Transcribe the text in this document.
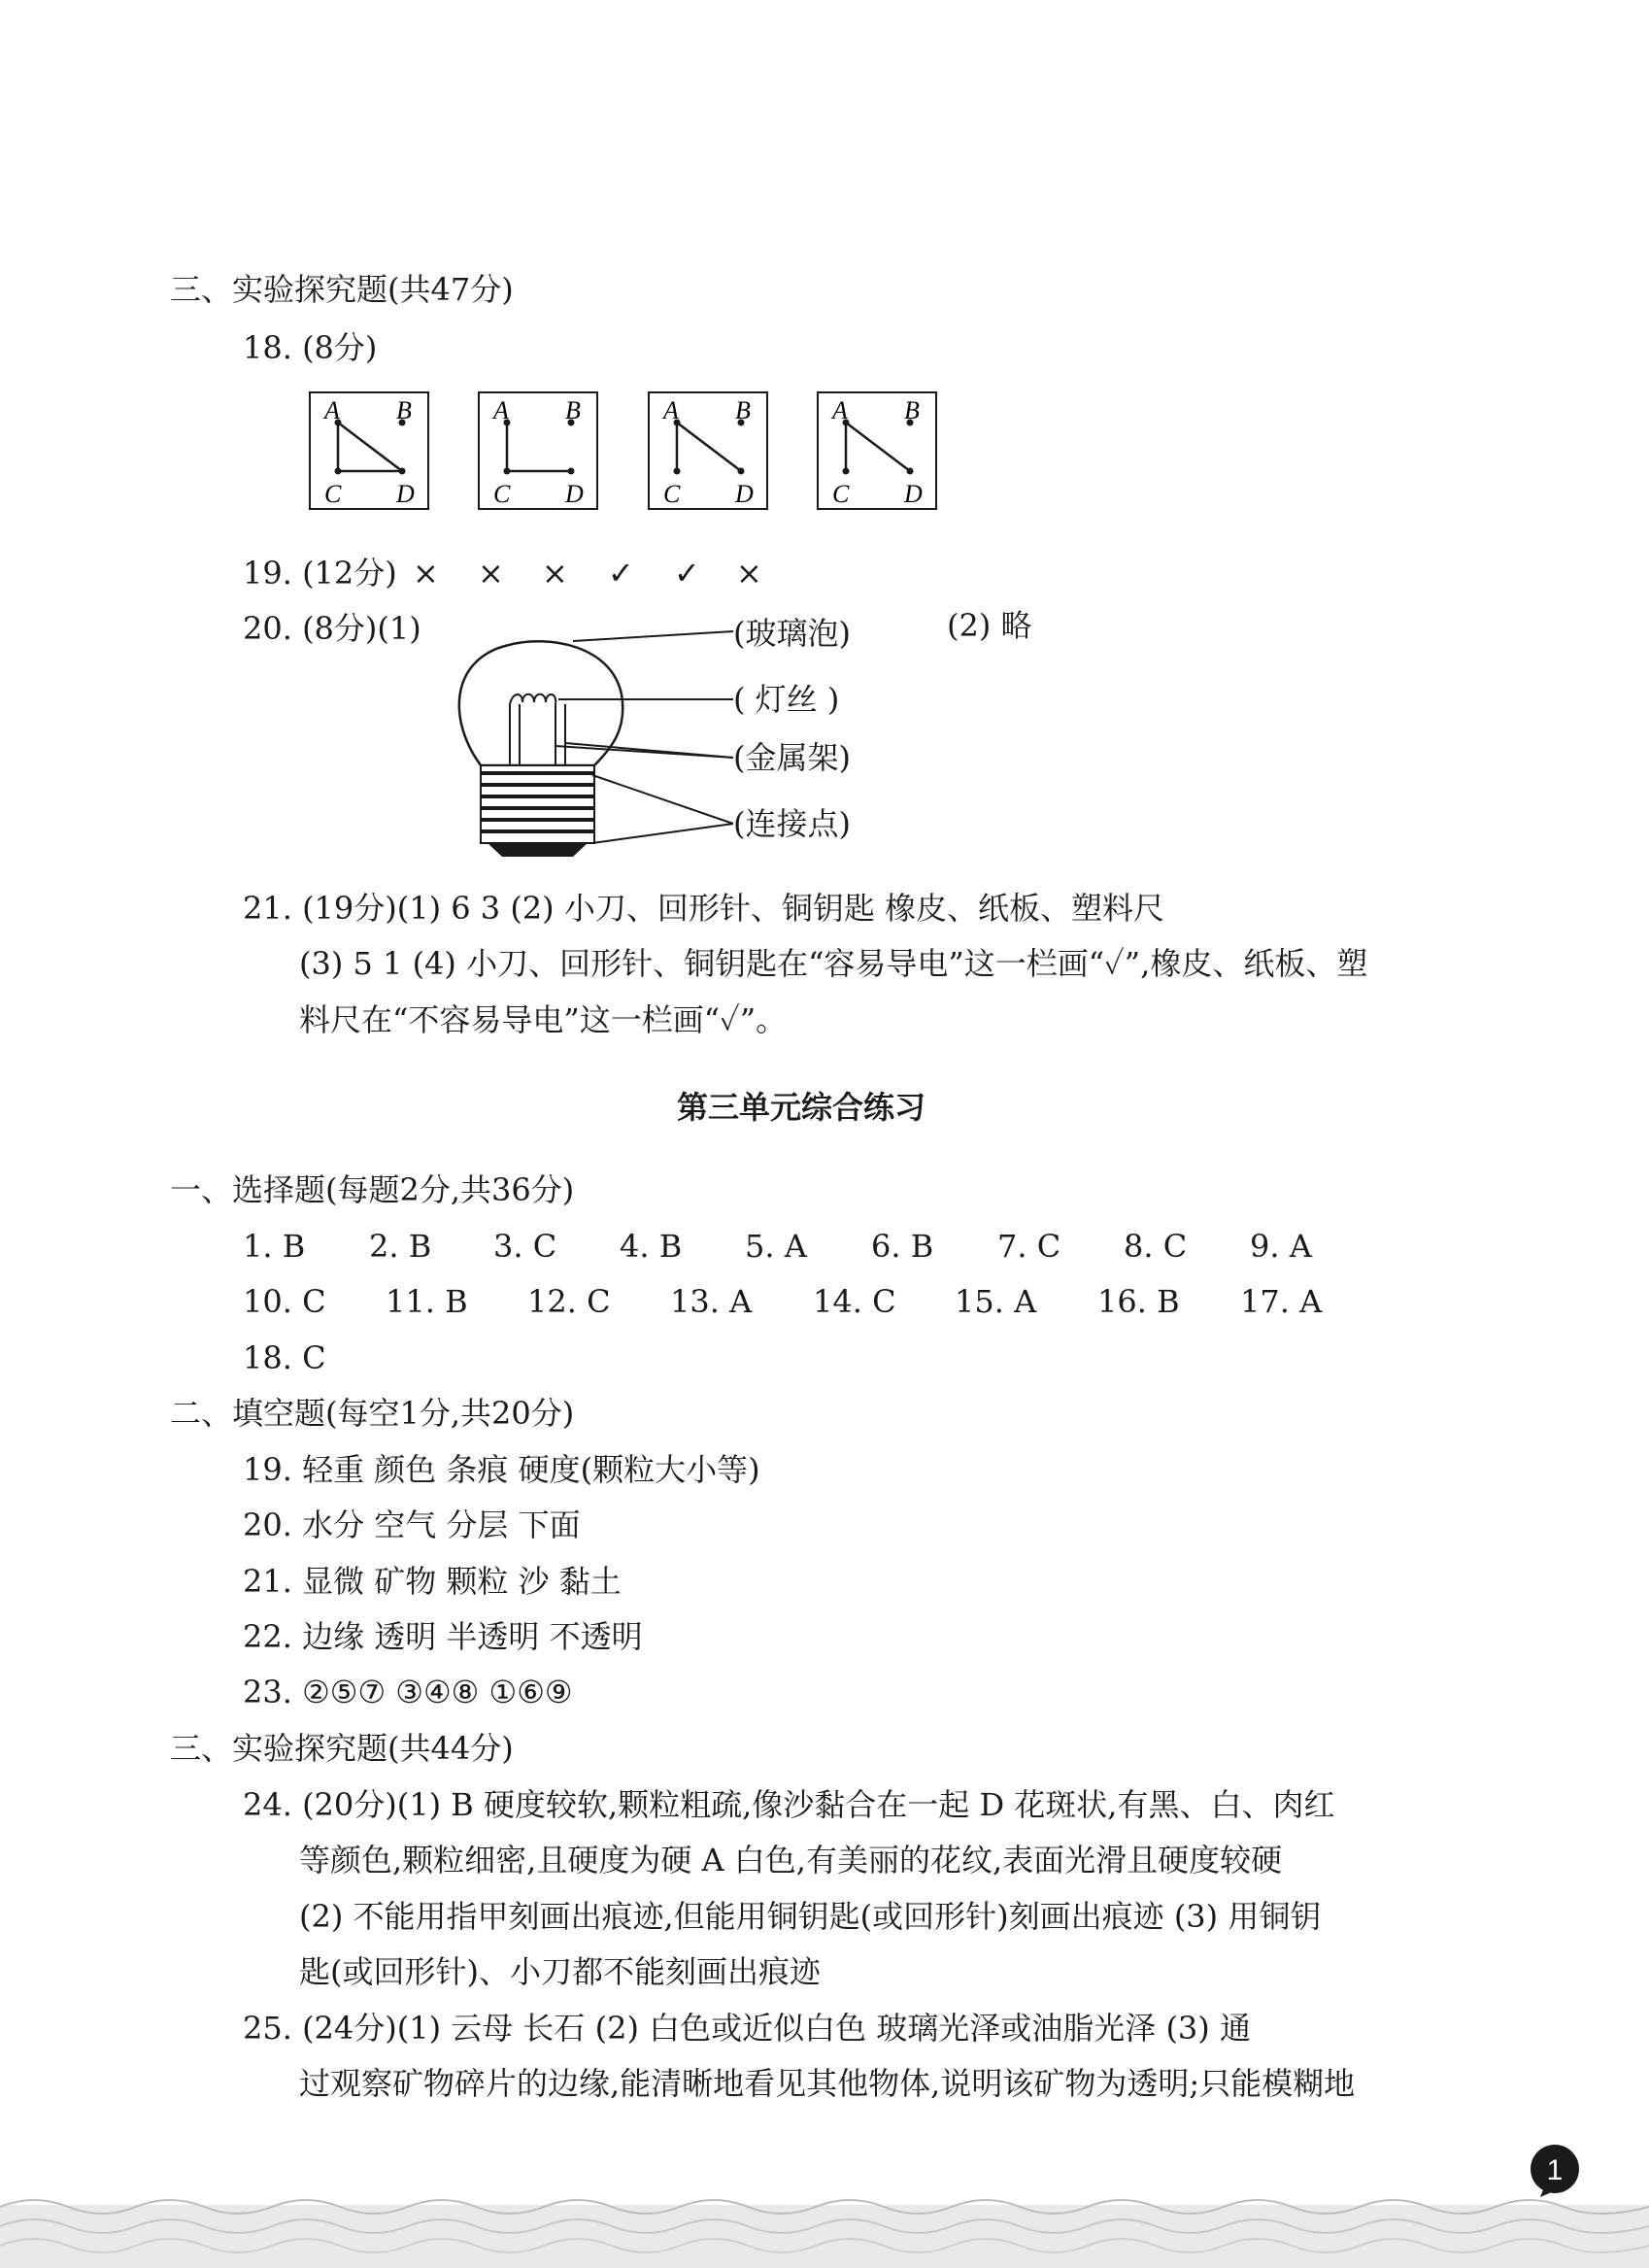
三、实验探究题(共47分)
18. (8分)
A B
C D
A B
C D
A B
C D
A B
C D
19. (12分) × × × ✓ ✓ ×
20. (8分)(1)	(2) 略
(玻璃泡)
( 灯丝 )
(金属架)
(连接点)
21. (19分)(1) 6 3 (2) 小刀、回形针、铜钥匙 橡皮、纸板、塑料尺
(3) 5 1 (4) 小刀、回形针、铜钥匙在“容易导电”这一栏画“✓”,橡皮、纸板、塑
料尺在“不容易导电”这一栏画“✓”。
第三单元综合练习
一、选择题(每题2分,共36分)
1. B 2. B 3. C 4. B 5. A 6. B 7. C 8. C 9. A
10. C 11. B 12. C 13. A 14. C 15. A 16. B 17. A
18. C
二、填空题(每空1分,共20分)
19. 轻重 颜色 条痕 硬度(颗粒大小等)
20. 水分 空气 分层 下面
21. 显微 矿物 颗粒 沙 黏土
22. 边缘 透明 半透明 不透明
23. ②⑤⑦ ③④⑧ ①⑥⑨
三、实验探究题(共44分)
24. (20分)(1) B 硬度较软,颗粒粗疏,像沙黏合在一起 D 花斑状,有黑、白、肉红
等颜色,颗粒细密,且硬度为硬 A 白色,有美丽的花纹,表面光滑且硬度较硬
(2) 不能用指甲刻画出痕迹,但能用铜钥匙(或回形针)刻画出痕迹 (3) 用铜钥
匙(或回形针)、小刀都不能刻画出痕迹
25. (24分)(1) 云母 长石 (2) 白色或近似白色 玻璃光泽或油脂光泽 (3) 通
过观察矿物碎片的边缘,能清晰地看见其他物体,说明该矿物为透明;只能模糊地
1
